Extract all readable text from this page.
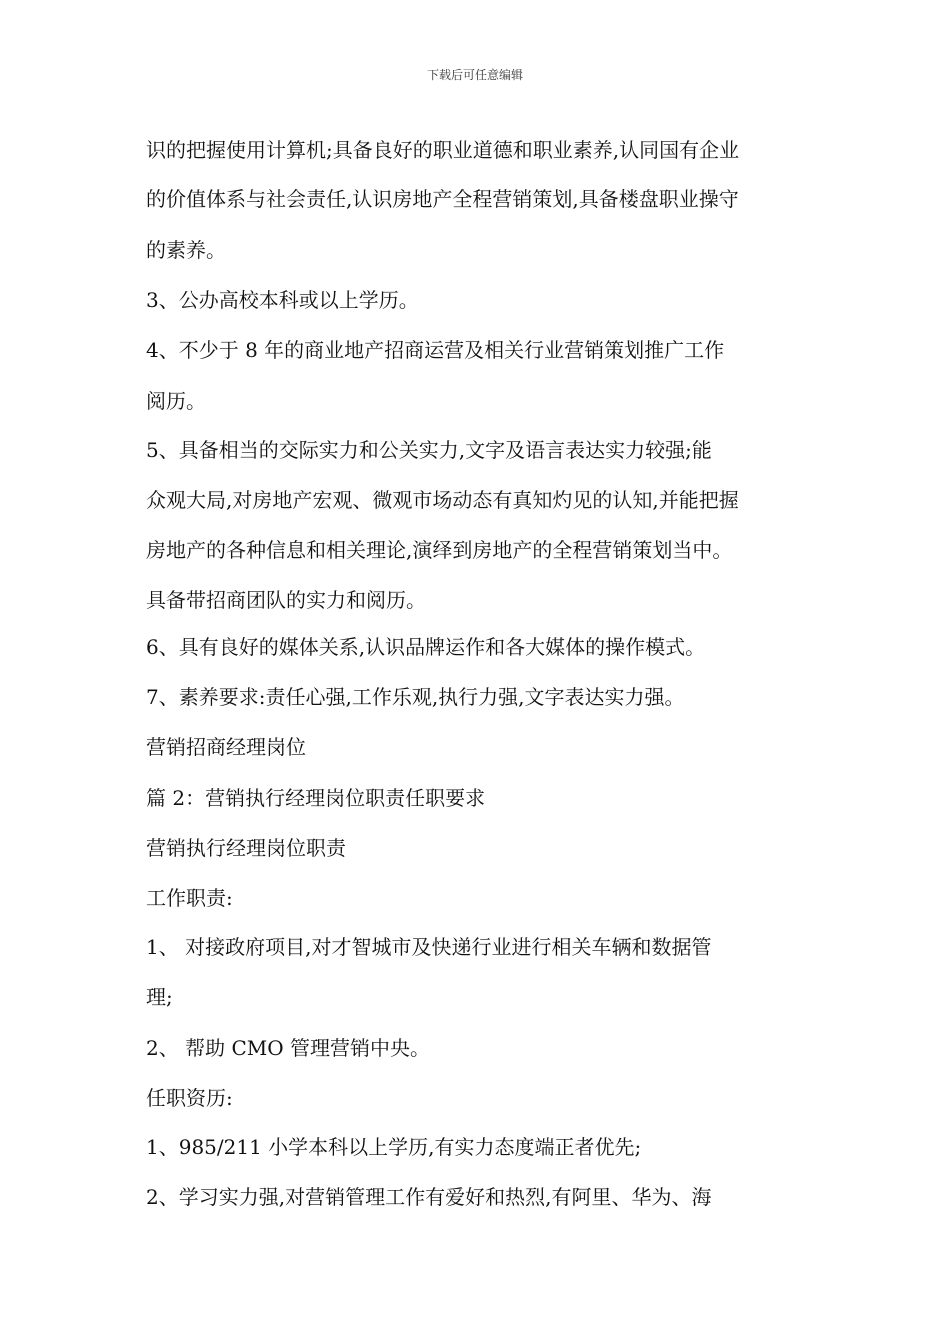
下载后可任意编辑
识的把握使用计算机;具备良好的职业道德和职业素养,认同国有企业
的价值体系与社会责任,认识房地产全程营销策划,具备楼盘职业操守
的素养。
3、公办高校本科或以上学历。
4、不少于 8 年的商业地产招商运营及相关行业营销策划推广工作
阅历。
5、具备相当的交际实力和公关实力,文字及语言表达实力较强;能
众观大局,对房地产宏观、微观市场动态有真知灼见的认知,并能把握
房地产的各种信息和相关理论,演绎到房地产的全程营销策划当中。
具备带招商团队的实力和阅历。
6、具有良好的媒体关系,认识品牌运作和各大媒体的操作模式。
7、素养要求:责任心强,工作乐观,执行力强,文字表达实力强。
营销招商经理岗位
篇 2：营销执行经理岗位职责任职要求
营销执行经理岗位职责
工作职责:
1、 对接政府项目,对才智城市及快递行业进行相关车辆和数据管
理;
2、 帮助 CMO 管理营销中央。
任职资历:
1、985/211 小学本科以上学历,有实力态度端正者优先;
2、学习实力强,对营销管理工作有爱好和热烈,有阿里、华为、海
